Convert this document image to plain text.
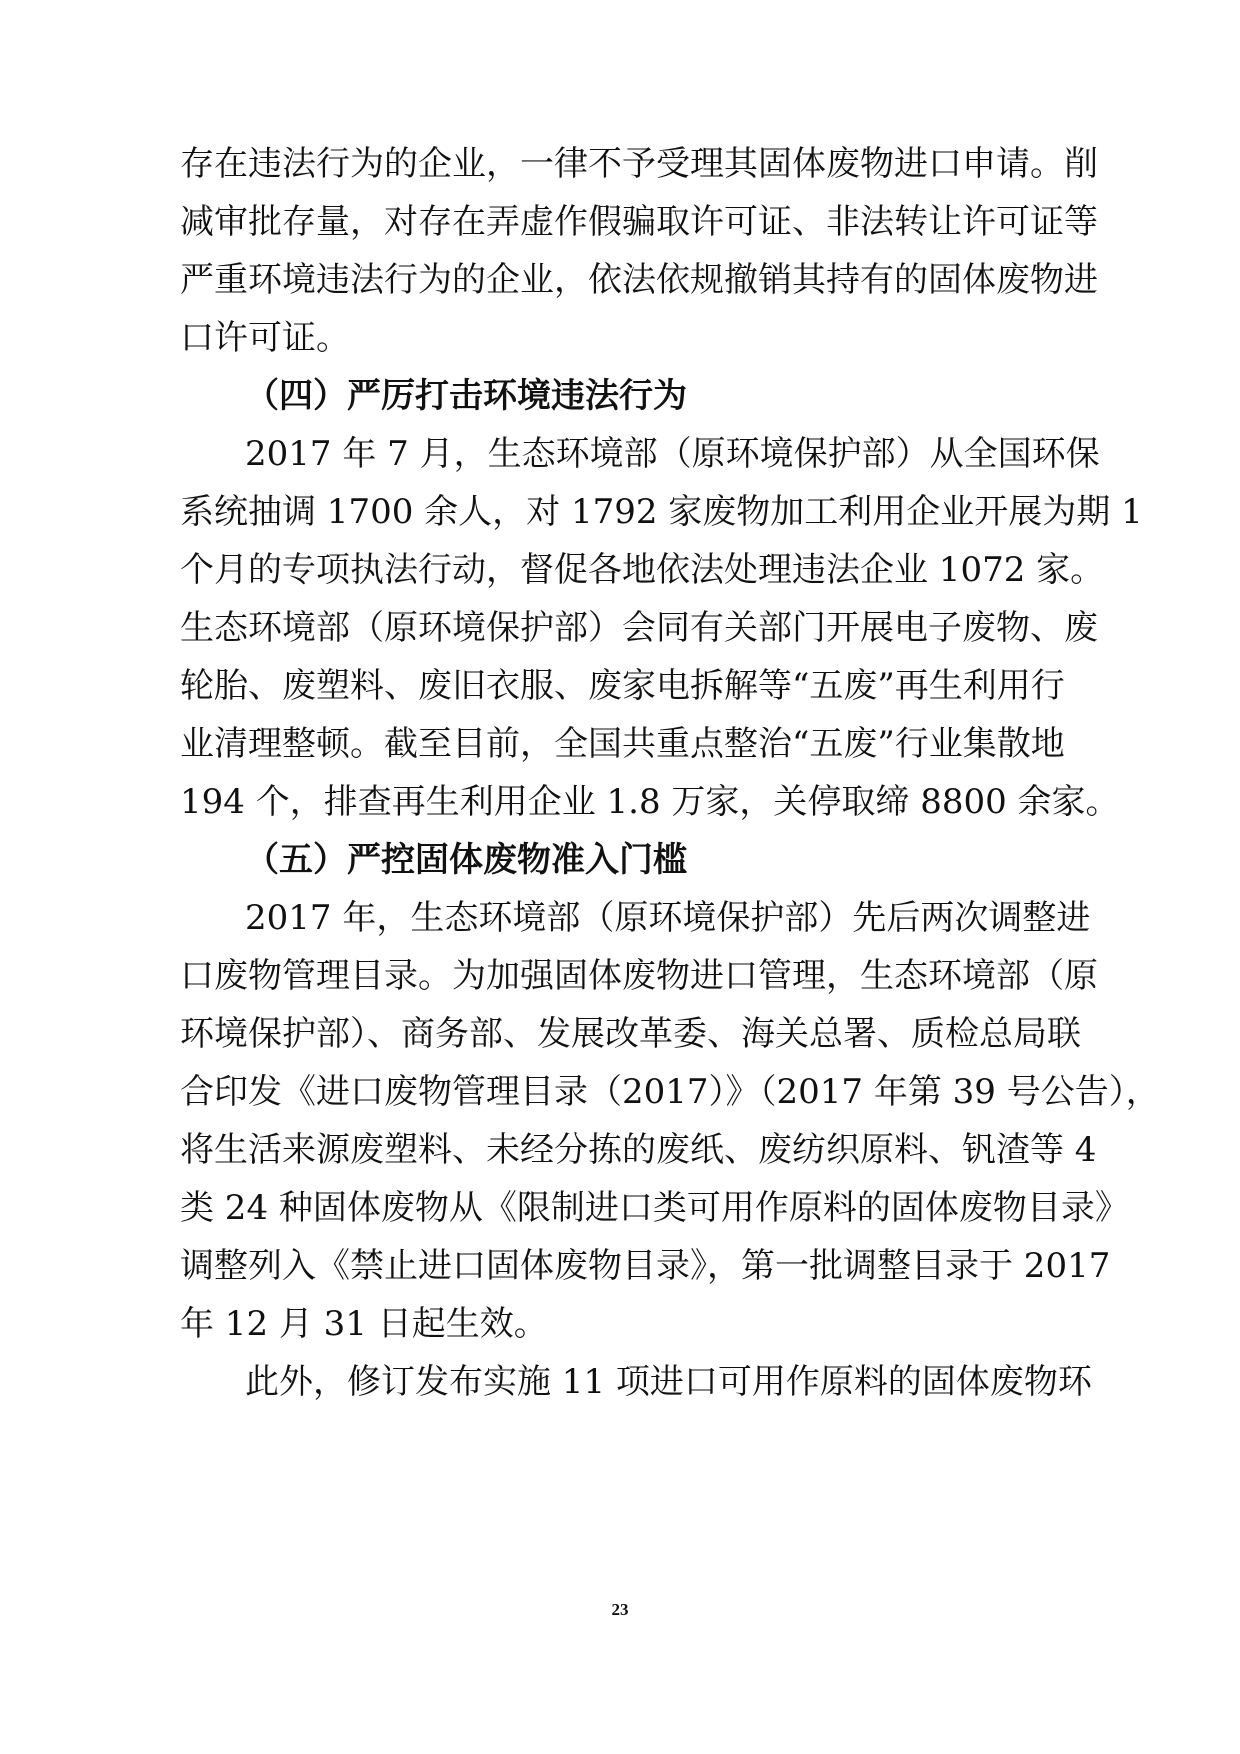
存在违法行为的企业，一律不予受理其固体废物进口申请。削
减审批存量，对存在弄虚作假骗取许可证、非法转让许可证等
严重环境违法行为的企业，依法依规撤销其持有的固体废物进
口许可证。
（四）严厉打击环境违法行为
2017 年 7 月，生态环境部（原环境保护部）从全国环保
系统抽调 1700 余人，对 1792 家废物加工利用企业开展为期 1
个月的专项执法行动，督促各地依法处理违法企业 1072 家。
生态环境部（原环境保护部）会同有关部门开展电子废物、废
轮胎、废塑料、废旧衣服、废家电拆解等“五废”再生利用行
业清理整顿。截至目前，全国共重点整治“五废”行业集散地
194 个，排查再生利用企业 1.8 万家，关停取缔 8800 余家。
（五）严控固体废物准入门槛
2017 年，生态环境部（原环境保护部）先后两次调整进
口废物管理目录。为加强固体废物进口管理，生态环境部（原
环境保护部）、商务部、发展改革委、海关总署、质检总局联
合印发《进口废物管理目录（2017）》（2017 年第 39 号公告），
将生活来源废塑料、未经分拣的废纸、废纺织原料、钒渣等 4
类 24 种固体废物从《限制进口类可用作原料的固体废物目录》
调整列入《禁止进口固体废物目录》，第一批调整目录于 2017
年 12 月 31 日起生效。
此外，修订发布实施 11 项进口可用作原料的固体废物环
23
